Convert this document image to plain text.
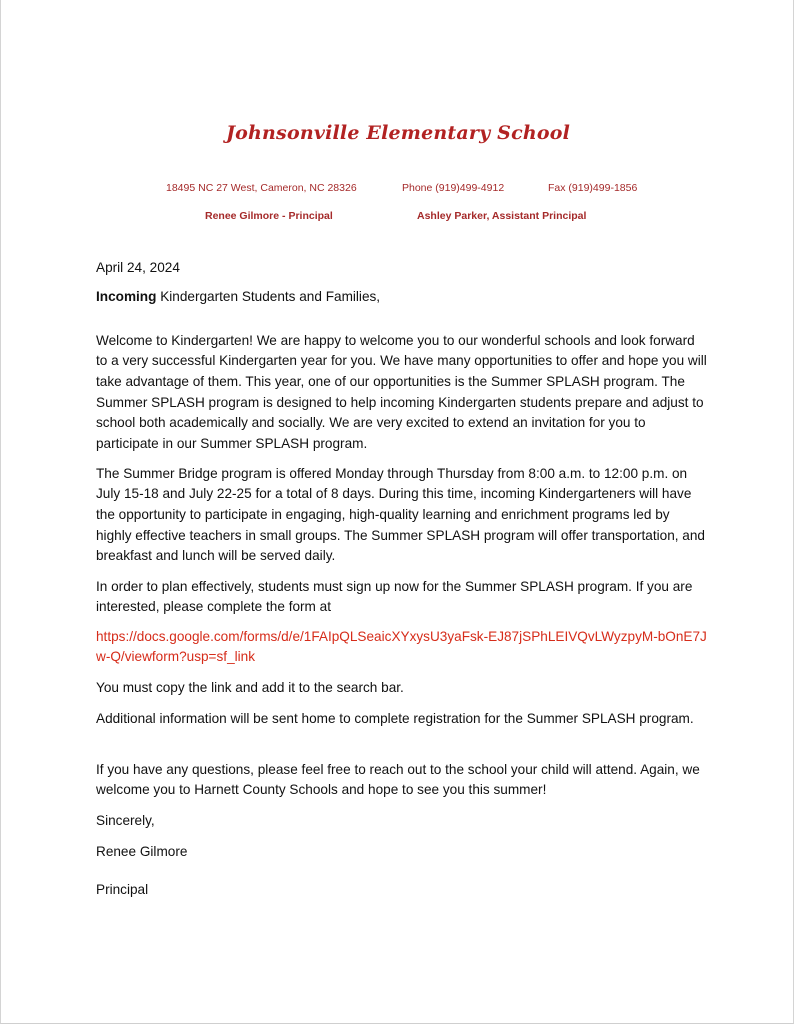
Johnsonville Elementary School
18495 NC 27 West, Cameron, NC 28326	Phone (919)499-4912	Fax (919)499-1856
Renee Gilmore - Principal	Ashley Parker, Assistant Principal
April 24, 2024
Incoming Kindergarten Students and Families,

Welcome to Kindergarten! We are happy to welcome you to our wonderful schools and look forward to a very successful Kindergarten year for you. We have many opportunities to offer and hope you will take advantage of them. This year, one of our opportunities is the Summer SPLASH program. The Summer SPLASH program is designed to help incoming Kindergarten students prepare and adjust to school both academically and socially. We are very excited to extend an invitation for you to participate in our Summer SPLASH program.

The Summer Bridge program is offered Monday through Thursday from 8:00 a.m. to 12:00 p.m. on July 15-18 and July 22-25 for a total of 8 days. During this time, incoming Kindergarteners will have the opportunity to participate in engaging, high-quality learning and enrichment programs led by highly effective teachers in small groups. The Summer SPLASH program will offer transportation, and breakfast and lunch will be served daily.

In order to plan effectively, students must sign up now for the Summer SPLASH program. If you are interested, please complete the form at

https://docs.google.com/forms/d/e/1FAIpQLSeaicXYxysU3yaFsk-EJ87jSPhLEIVQvLWyzpyM-bOnE7Jw-Q/viewform?usp=sf_link

You must copy the link and add it to the search bar.

Additional information will be sent home to complete registration for the Summer SPLASH program.

If you have any questions, please feel free to reach out to the school your child will attend. Again, we welcome you to Harnett County Schools and hope to see you this summer!

Sincerely,

Renee Gilmore

Principal
